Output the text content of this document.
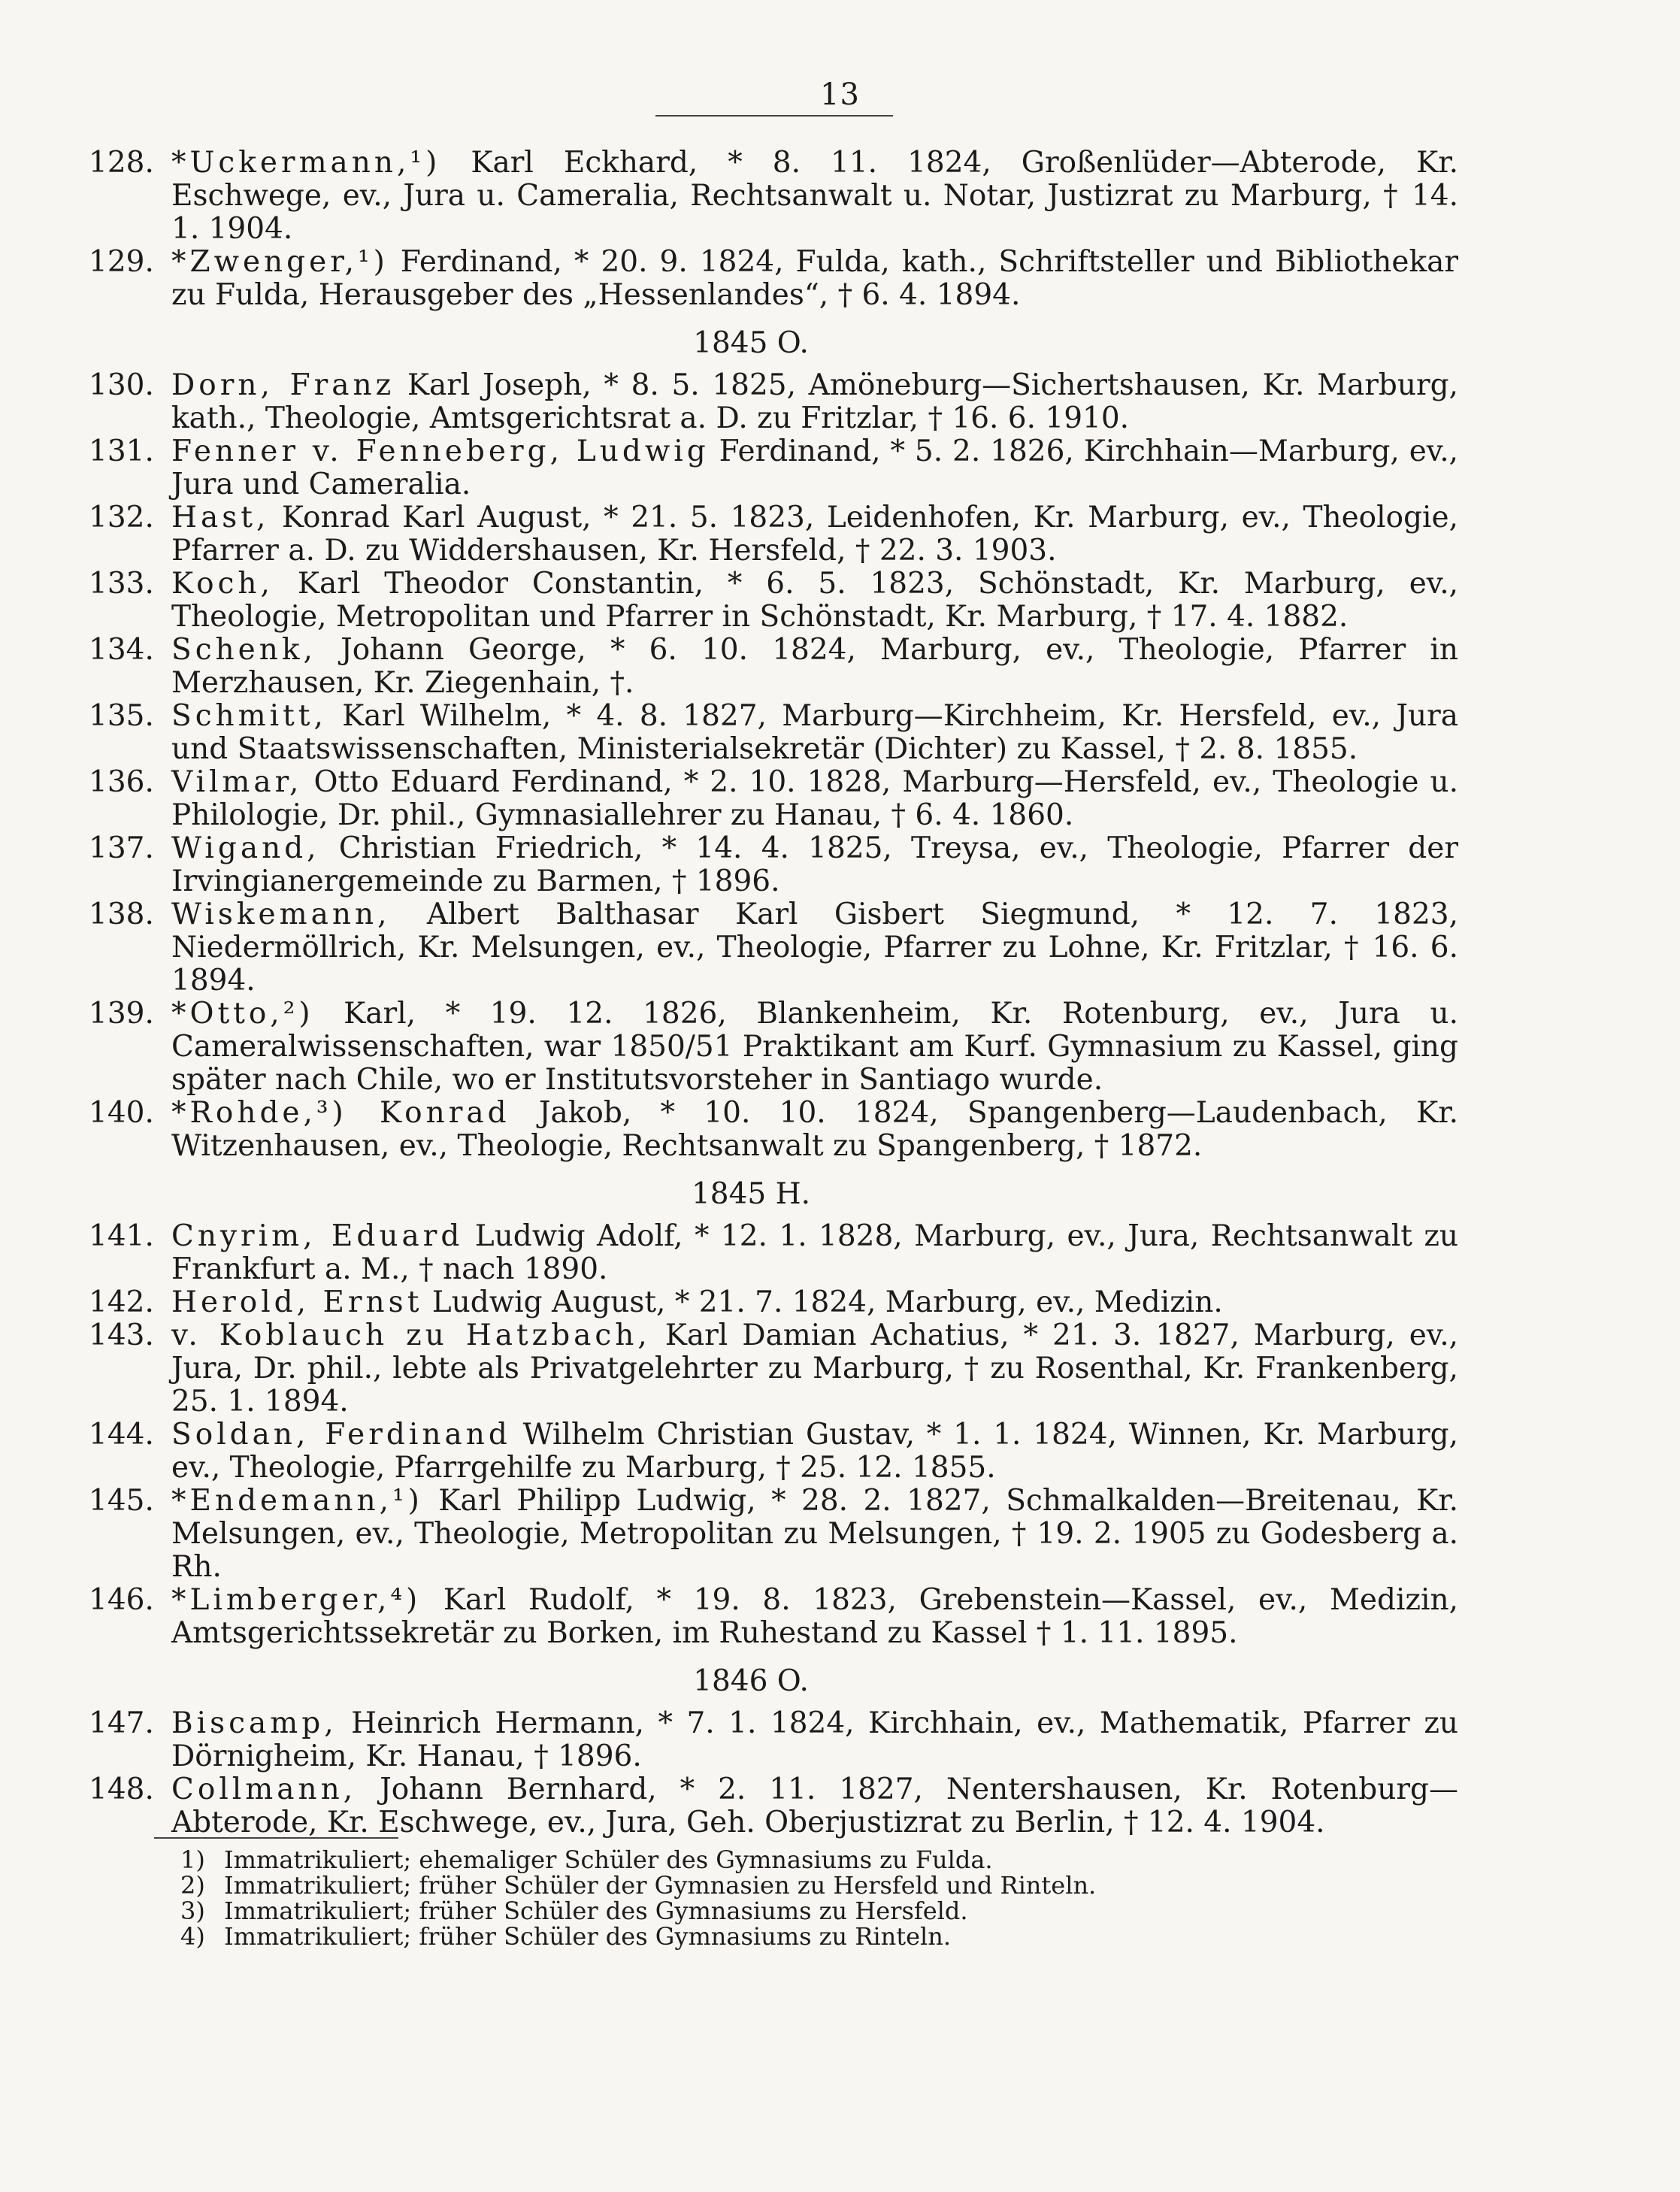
13
128. *Uckermann,¹) Karl Eckhard, * 8. 11. 1824, Großenlüder—Abterode, Kr. Eschwege, ev., Jura u. Cameralia, Rechtsanwalt u. Notar, Justizrat zu Marburg, † 14. 1. 1904.
129. *Zwenger,¹) Ferdinand, * 20. 9. 1824, Fulda, kath., Schriftsteller und Bibliothekar zu Fulda, Herausgeber des „Hessenlandes“, † 6. 4. 1894.
1845 O.
130. Dorn, Franz Karl Joseph, * 8. 5. 1825, Amöneburg—Sichertshausen, Kr. Marburg, kath., Theologie, Amtsgerichtsrat a. D. zu Fritzlar, † 16. 6. 1910.
131. Fenner v. Fenneberg, Ludwig Ferdinand, * 5. 2. 1826, Kirchhain—Marburg, ev., Jura und Cameralia.
132. Hast, Konrad Karl August, * 21. 5. 1823, Leidenhofen, Kr. Marburg, ev., Theologie, Pfarrer a. D. zu Widdershausen, Kr. Hersfeld, † 22. 3. 1903.
133. Koch, Karl Theodor Constantin, * 6. 5. 1823, Schönstadt, Kr. Marburg, ev., Theologie, Metropolitan und Pfarrer in Schönstadt, Kr. Marburg, † 17. 4. 1882.
134. Schenk, Johann George, * 6. 10. 1824, Marburg, ev., Theologie, Pfarrer in Merzhausen, Kr. Ziegenhain, †.
135. Schmitt, Karl Wilhelm, * 4. 8. 1827, Marburg—Kirchheim, Kr. Hersfeld, ev., Jura und Staatswissenschaften, Ministerialsekretär (Dichter) zu Kassel, † 2. 8. 1855.
136. Vilmar, Otto Eduard Ferdinand, * 2. 10. 1828, Marburg—Hersfeld, ev., Theologie u. Philologie, Dr. phil., Gymnasiallehrer zu Hanau, † 6. 4. 1860.
137. Wigand, Christian Friedrich, * 14. 4. 1825, Treysa, ev., Theologie, Pfarrer der Irvingianergemeinde zu Barmen, † 1896.
138. Wiskemann, Albert Balthasar Karl Gisbert Siegmund, * 12. 7. 1823, Niedermöllrich, Kr. Melsungen, ev., Theologie, Pfarrer zu Lohne, Kr. Fritzlar, † 16. 6. 1894.
139. *Otto,²) Karl, * 19. 12. 1826, Blankenheim, Kr. Rotenburg, ev., Jura u. Cameralwissenschaften, war 1850/51 Praktikant am Kurf. Gymnasium zu Kassel, ging später nach Chile, wo er Institutsvorsteher in Santiago wurde.
140. *Rohde,³) Konrad Jakob, * 10. 10. 1824, Spangenberg—Laudenbach, Kr. Witzenhausen, ev., Theologie, Rechtsanwalt zu Spangenberg, † 1872.
1845 H.
141. Cnyrim, Eduard Ludwig Adolf, * 12. 1. 1828, Marburg, ev., Jura, Rechtsanwalt zu Frankfurt a. M., † nach 1890.
142. Herold, Ernst Ludwig August, * 21. 7. 1824, Marburg, ev., Medizin.
143. v. Koblauch zu Hatzbach, Karl Damian Achatius, * 21. 3. 1827, Marburg, ev., Jura, Dr. phil., lebte als Privatgelehrter zu Marburg, † zu Rosenthal, Kr. Frankenberg, 25. 1. 1894.
144. Soldan, Ferdinand Wilhelm Christian Gustav, * 1. 1. 1824, Winnen, Kr. Marburg, ev., Theologie, Pfarrgehilfe zu Marburg, † 25. 12. 1855.
145. *Endemann,¹) Karl Philipp Ludwig, * 28. 2. 1827, Schmalkalden—Breitenau, Kr. Melsungen, ev., Theologie, Metropolitan zu Melsungen, † 19. 2. 1905 zu Godesberg a. Rh.
146. *Limberger,⁴) Karl Rudolf, * 19. 8. 1823, Grebenstein—Kassel, ev., Medizin, Amtsgerichtssekretär zu Borken, im Ruhestand zu Kassel † 1. 11. 1895.
1846 O.
147. Biscamp, Heinrich Hermann, * 7. 1. 1824, Kirchhain, ev., Mathematik, Pfarrer zu Dörnigheim, Kr. Hanau, † 1896.
148. Collmann, Johann Bernhard, * 2. 11. 1827, Nentershausen, Kr. Rotenburg—Abterode, Kr. Eschwege, ev., Jura, Geh. Oberjustizrat zu Berlin, † 12. 4. 1904.
1) Immatrikuliert; ehemaliger Schüler des Gymnasiums zu Fulda.
2) Immatrikuliert; früher Schüler der Gymnasien zu Hersfeld und Rinteln.
3) Immatrikuliert; früher Schüler des Gymnasiums zu Hersfeld.
4) Immatrikuliert; früher Schüler des Gymnasiums zu Rinteln.
